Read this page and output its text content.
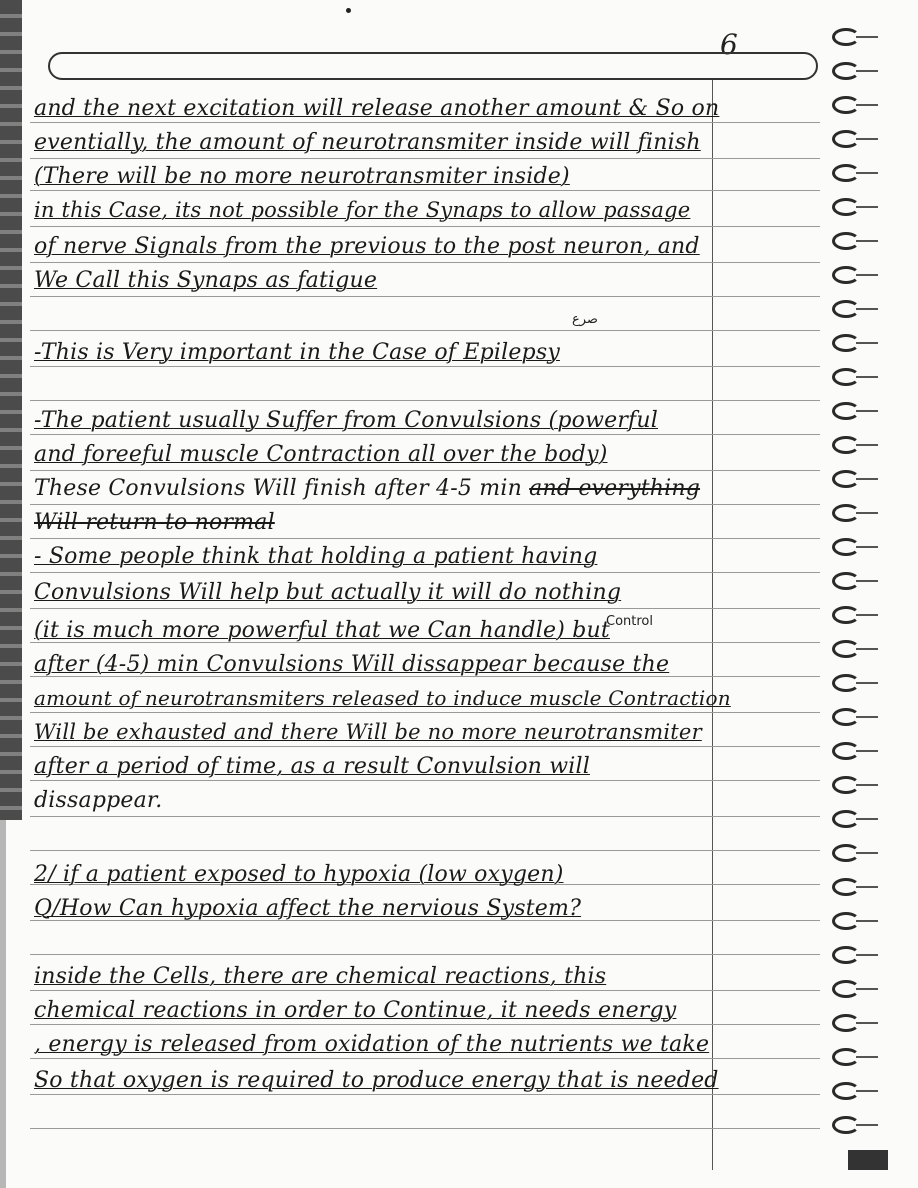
6
and the next excitation will release another amount & So on
eventially, the amount of neurotransmiter inside will finish
(There will be no more neurotransmiter inside)
in this Case, its not possible for the Synaps to allow passage
of nerve Signals from the previous to the post neuron, and
We Call this Synaps as fatigue
صرع
-This is Very important in the Case of Epilepsy
-The patient usually Suffer from Convulsions (powerful
and foreeful muscle Contraction all over the body)
These Convulsions Will finish after 4-5 min and everything
Will return to normal
- Some people think that holding a patient having
Control
Convulsions Will help but actually it will do nothing
(it is much more powerful that we Can handle) but
after (4-5) min Convulsions Will dissappear because the
amount of neurotransmiters released to induce muscle Contraction
Will be exhausted and there Will be no more neurotransmiter
after a period of time, as a result Convulsion will
dissappear.
2/ if a patient exposed to hypoxia (low oxygen)
Q/How Can hypoxia affect the nervious System?
inside the Cells, there are chemical reactions, this
chemical reactions in order to Continue, it needs energy
, energy is released from oxidation of the nutrients we take
So that oxygen is required to produce energy that is needed
